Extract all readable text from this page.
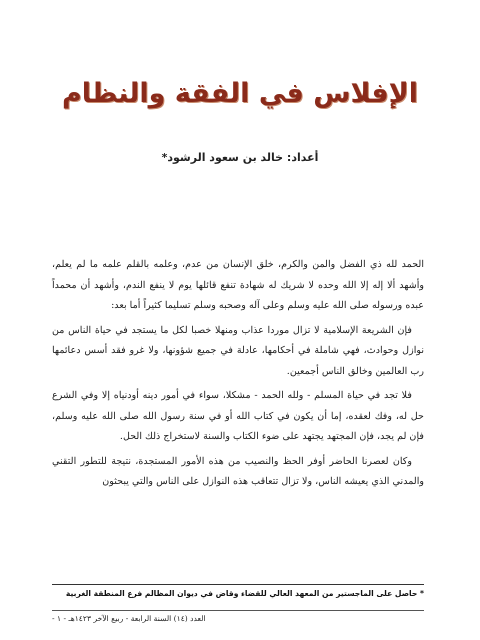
الإفلاس في الفقة والنظام
أعداد: خالد بن سعود الرشود*

الحمد لله ذي الفضل والمن والكرم، خلق الإنسان من عدم، وعلمه بالقلم علمه ما لم يعلم، وأشهد ألا إله إلا الله وحده لا شريك له شهادة تنفع قائلها يوم لا ينفع الندم، وأشهد أن محمداً عبده ورسوله صلى الله عليه وسلم وعلى آله وصحبه وسلم تسليما كثيراً أما بعد:

فإن الشريعة الإسلامية لا تزال موردا عذاب ومنهلا خصبا لكل ما يستجد في حياة الناس من نوازل وحوادث، فهي شاملة في أحكامها، عادلة في جميع شؤونها، ولا غرو فقد أسس دعائمها رب العالمين وخالق الناس أجمعين.

فلا تجد في حياة المسلم - ولله الحمد - مشكلا، سواء في أمور دينه أودنياه إلا وفي الشرع حل له، وفك لعقده، إما أن يكون في كتاب الله أو في سنة رسول الله صلى الله عليه وسلم، فإن لم يجد، فإن المجتهد يجتهد على ضوء الكتاب والسنة لاستخراج ذلك الحل.

وكان لعصرنا الحاضر أوفر الحظ والنصيب من هذه الأمور المستجدة، نتيجة للتطور التقني والمدني الذي يعيشه الناس، ولا تزال تتعاقب هذه النوازل على الناس والتي يبحثون

* حاصل على الماجستير من المعهد العالي للقضاء وقاض في ديوان المظالم فرع المنطقة الغربية
العدد (١٤) السنة الرابعة - ربيع الآخر ١٤٢٣هـ - ١ -
